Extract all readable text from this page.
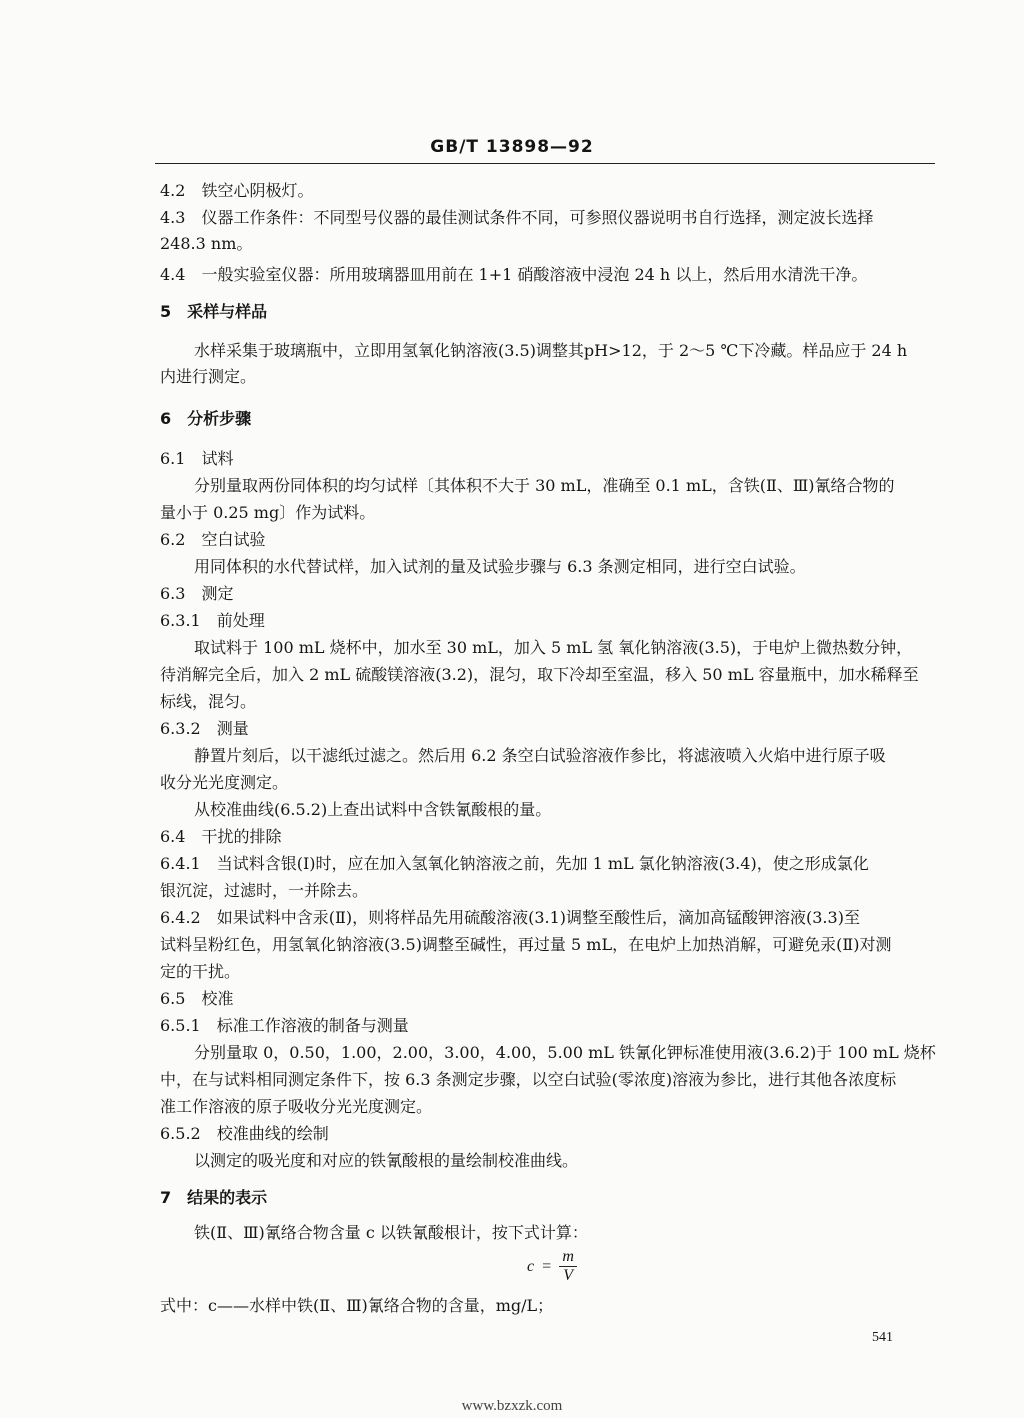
GB/T 13898—92
4.2 铁空心阴极灯。
4.3 仪器工作条件：不同型号仪器的最佳测试条件不同，可参照仪器说明书自行选择，测定波长选择
248.3 nm。
4.4 一般实验室仪器：所用玻璃器皿用前在 1+1 硝酸溶液中浸泡 24 h 以上，然后用水清洗干净。
5 采样与样品
水样采集于玻璃瓶中，立即用氢氧化钠溶液(3.5)调整其pH>12，于 2～5 ℃下冷藏。样品应于 24 h
内进行测定。
6 分析步骤
6.1 试料
分别量取两份同体积的均匀试样〔其体积不大于 30 mL，准确至 0.1 mL，含铁(Ⅱ、Ⅲ)氰络合物的
量小于 0.25 mg〕作为试料。
6.2 空白试验
用同体积的水代替试样，加入试剂的量及试验步骤与 6.3 条测定相同，进行空白试验。
6.3 测定
6.3.1 前处理
取试料于 100 mL 烧杯中，加水至 30 mL，加入 5 mL 氢 氧化钠溶液(3.5)，于电炉上微热数分钟，
待消解完全后，加入 2 mL 硫酸镁溶液(3.2)，混匀，取下冷却至室温，移入 50 mL 容量瓶中，加水稀释至
标线，混匀。
6.3.2 测量
静置片刻后，以干滤纸过滤之。然后用 6.2 条空白试验溶液作参比，将滤液喷入火焰中进行原子吸
收分光光度测定。
从校准曲线(6.5.2)上查出试料中含铁氰酸根的量。
6.4 干扰的排除
6.4.1 当试料含银(Ⅰ)时，应在加入氢氧化钠溶液之前，先加 1 mL 氯化钠溶液(3.4)，使之形成氯化
银沉淀，过滤时，一并除去。
6.4.2 如果试料中含汞(Ⅱ)，则将样品先用硫酸溶液(3.1)调整至酸性后，滴加高锰酸钾溶液(3.3)至
试料呈粉红色，用氢氧化钠溶液(3.5)调整至碱性，再过量 5 mL，在电炉上加热消解，可避免汞(Ⅱ)对测
定的干扰。
6.5 校准
6.5.1 标准工作溶液的制备与测量
分别量取 0，0.50，1.00，2.00，3.00，4.00，5.00 mL 铁氰化钾标准使用液(3.6.2)于 100 mL 烧杯
中，在与试料相同测定条件下，按 6.3 条测定步骤，以空白试验(零浓度)溶液为参比，进行其他各浓度标
准工作溶液的原子吸收分光光度测定。
6.5.2 校准曲线的绘制
以测定的吸光度和对应的铁氰酸根的量绘制校准曲线。
7 结果的表示
铁(Ⅱ、Ⅲ)氰络合物含量 c 以铁氰酸根计，按下式计算：
$c = \frac{m}{V}$
式中：c——水样中铁(Ⅱ、Ⅲ)氰络合物的含量，mg/L；
541
www.bzxzk.com
